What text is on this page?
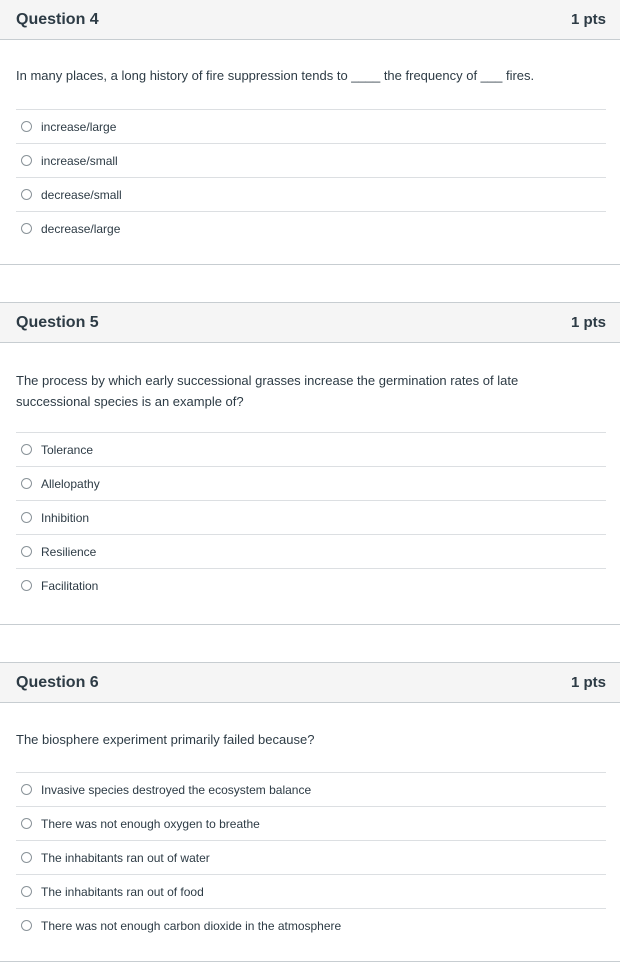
Question 4	1 pts
In many places, a long history of fire suppression tends to ____ the frequency of ___ fires.
increase/large
increase/small
decrease/small
decrease/large
Question 5	1 pts
The process by which early successional grasses increase the germination rates of late successional species is an example of?
Tolerance
Allelopathy
Inhibition
Resilience
Facilitation
Question 6	1 pts
The biosphere experiment primarily failed because?
Invasive species destroyed the ecosystem balance
There was not enough oxygen to breathe
The inhabitants ran out of water
The inhabitants ran out of food
There was not enough carbon dioxide in the atmosphere
